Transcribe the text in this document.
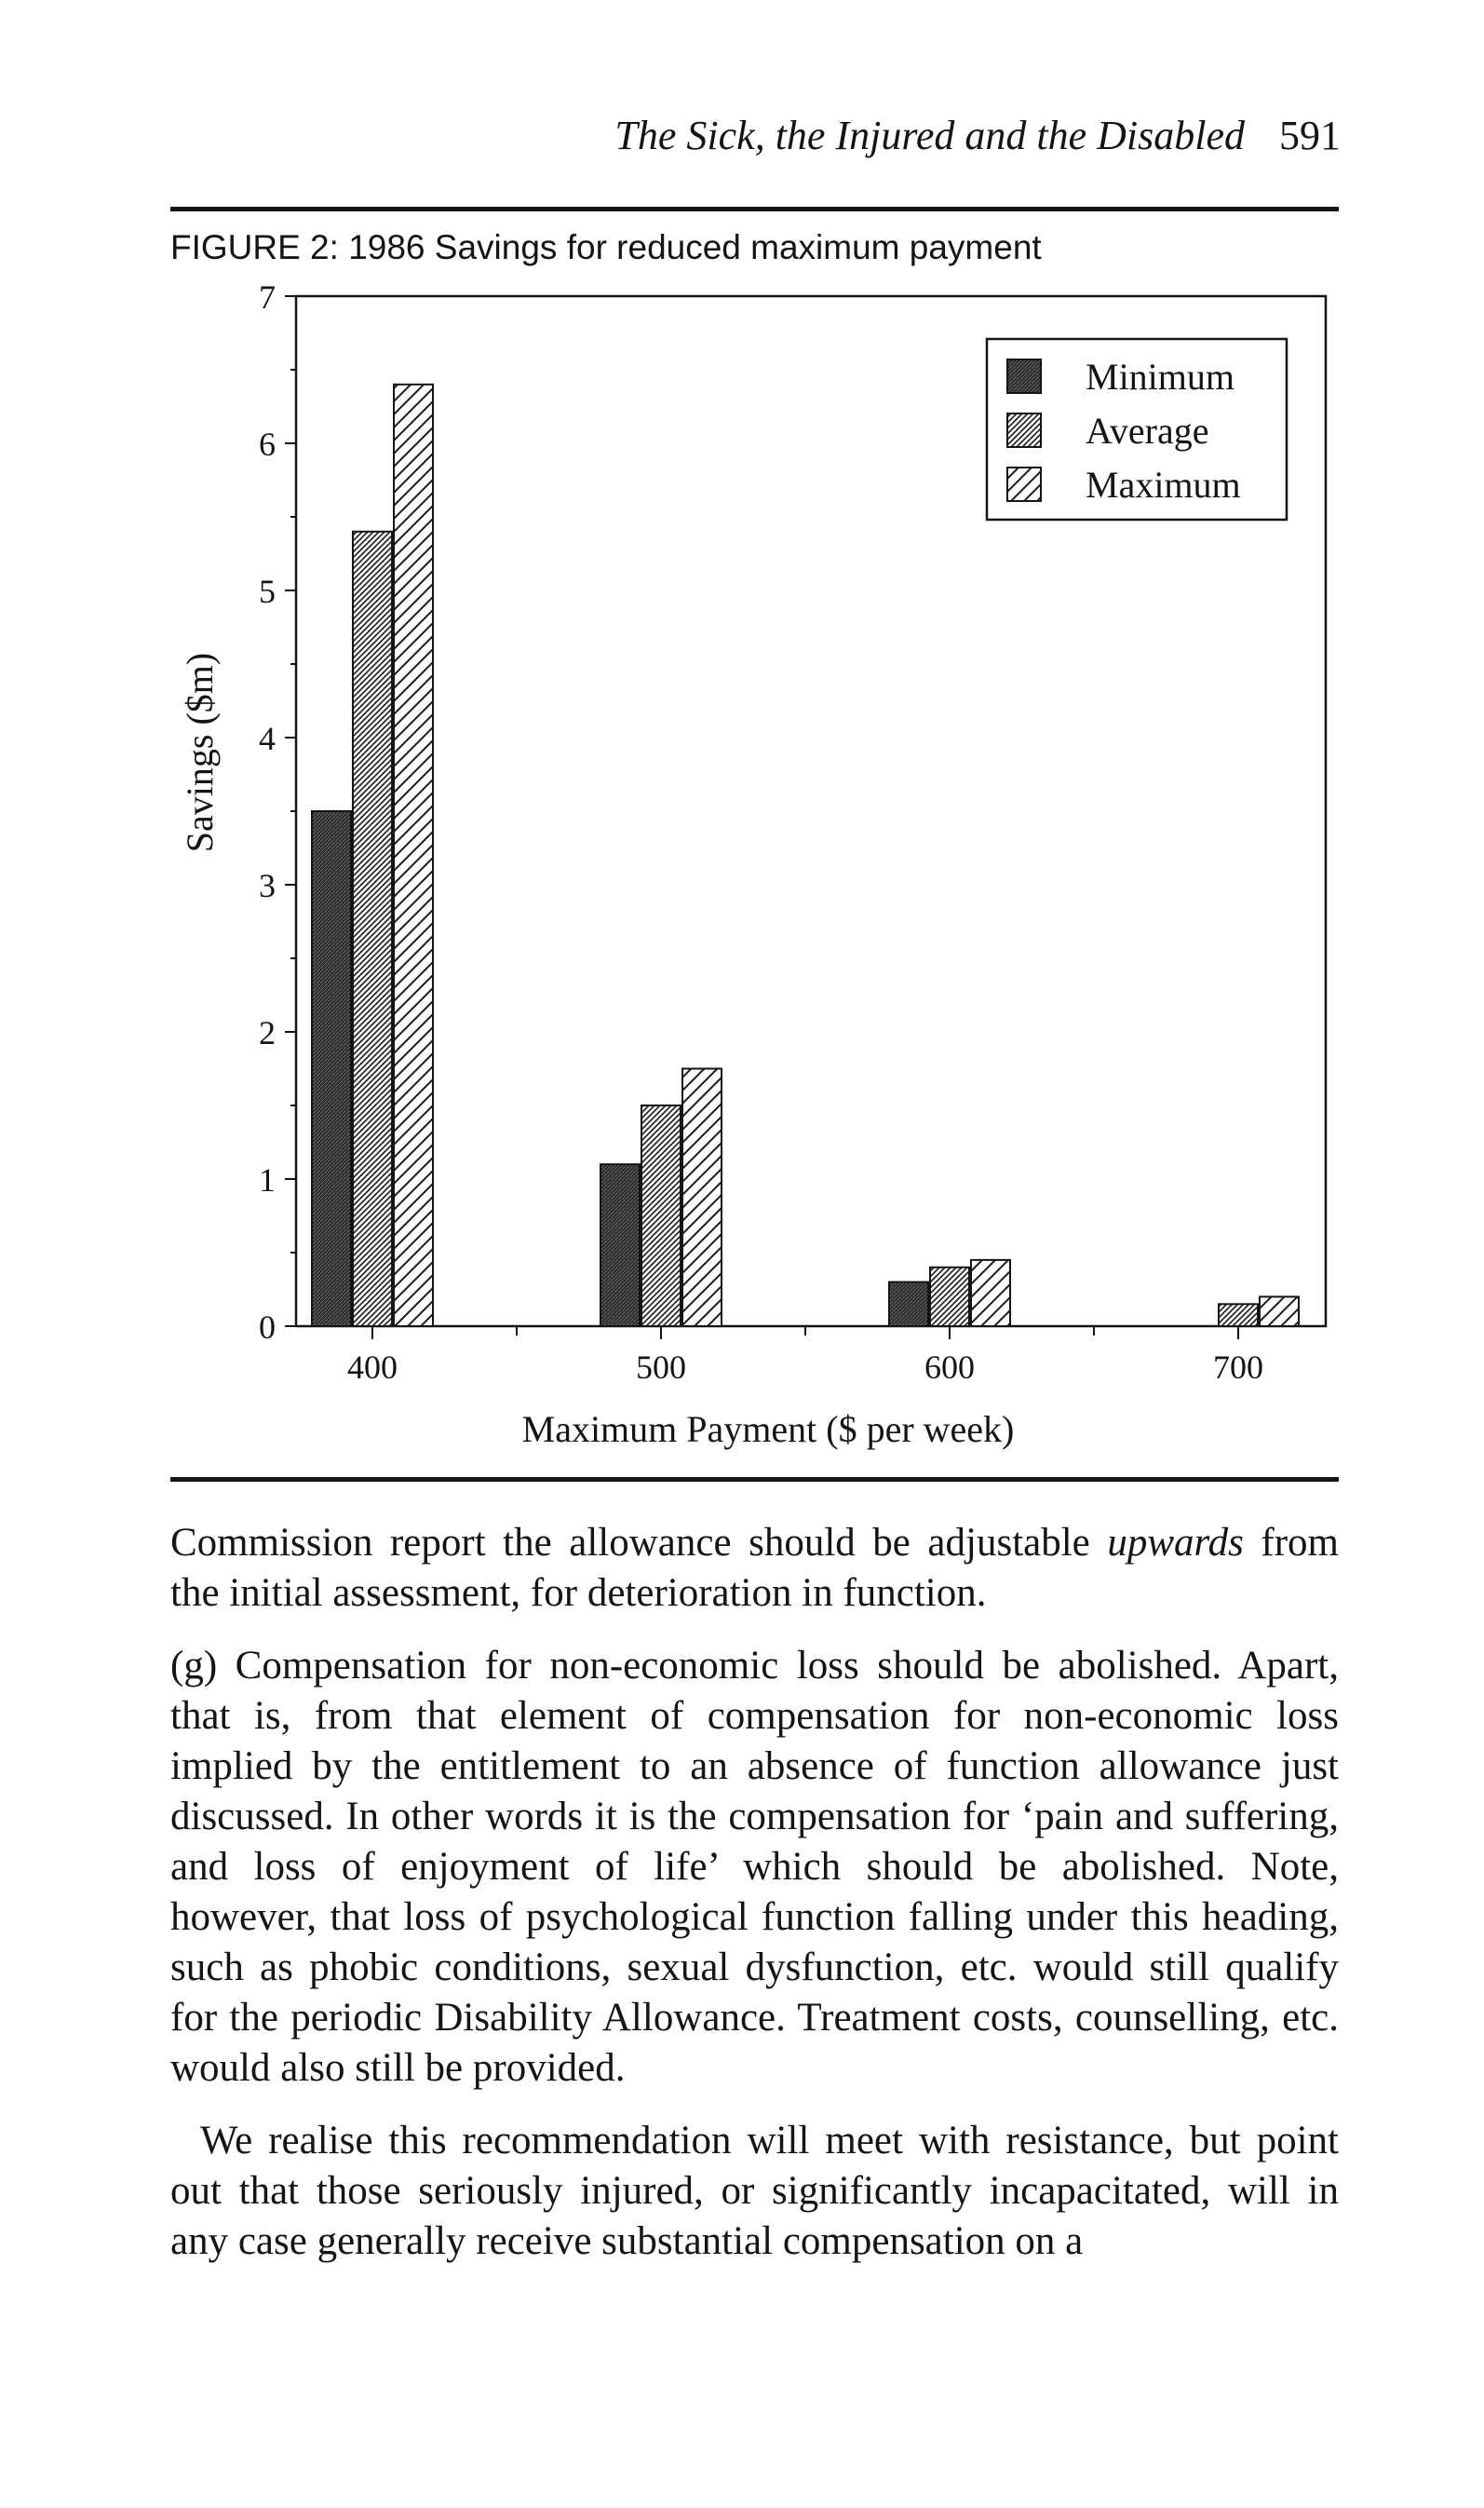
The Sick, the Injured and the Disabled 591
FIGURE 2: 1986 Savings for reduced maximum payment
0
1
2
3
4
5
6
7
400	500	600	700
Minimum
Average
Maximum
Savings ($m)
Maximum Payment ($ per week)

Commission report the allowance should be adjustable upwards from the initial assessment, for deterioration in function.

(g) Compensation for non-economic loss should be abolished. Apart, that is, from that element of compensation for non-economic loss implied by the entitlement to an absence of function allowance just discussed. In other words it is the compensation for ‘pain and suffering, and loss of enjoyment of life’ which should be abolished. Note, however, that loss of psychological function falling under this heading, such as phobic conditions, sexual dysfunction, etc. would still qualify for the periodic Disability Allowance. Treatment costs, counselling, etc. would also still be provided.

We realise this recommendation will meet with resistance, but point out that those seriously injured, or significantly incapacitated, will in any case generally receive substantial compensation on a
